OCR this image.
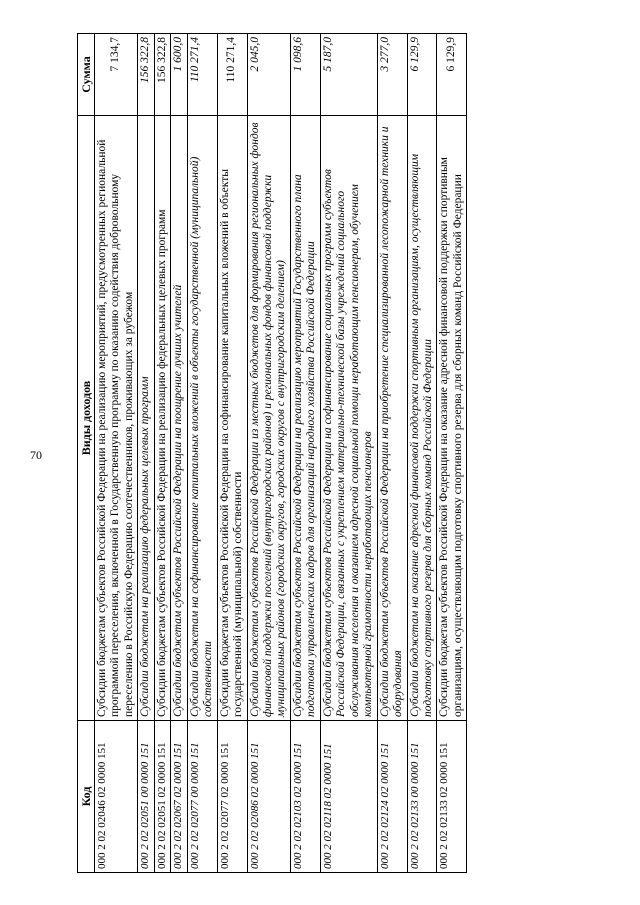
70
Код	Виды доходов	Сумма
000 2 02 02046 02 0000 151	Субсидии бюджетам субъектов Российской Федерации на реализацию мероприятий, предусмотренных региональной программой переселения, включенной в Государственную программу по оказанию содействия добровольному переселению в Российскую Федерацию соотечественников, проживающих за рубежом	7 134,7
000 2 02 02051 00 0000 151	Субсидии бюджетам на реализацию федеральных целевых программ	156 322,8
000 2 02 02051 02 0000 151	Субсидии бюджетам субъектов Российской Федерации на реализацию федеральных целевых программ	156 322,8
000 2 02 02067 02 0000 151	Субсидии бюджетам субъектов Российской Федерации на поощрение лучших учителей	1 600,0
000 2 02 02077 00 0000 151	Субсидии бюджетам на софинансирование капитальных вложений в объекты государственной (муниципальной) собственности	110 271,4
000 2 02 02077 02 0000 151	Субсидии бюджетам субъектов Российской Федерации на софинансирование капитальных вложений в объекты государственной (муниципальной) собственности	110 271,4
000 2 02 02086 02 0000 151	Субсидии бюджетам субъектов Российской Федерации из местных бюджетов для формирования региональных фондов финансовой поддержки поселений (внутригородских районов) и региональных фондов финансовой поддержки муниципальных районов (городских округов, городских округов с внутригородским делением)	2 045,0
000 2 02 02103 02 0000 151	Субсидии бюджетам субъектов Российской Федерации на реализацию мероприятий Государственного плана подготовки управленческих кадров для организаций народного хозяйства Российской Федерации	1 098,6
000 2 02 02118 02 0000 151	Субсидии бюджетам субъектов Российской Федерации на софинансирование социальных программ субъектов Российской Федерации, связанных с укреплением материально-технической базы учреждений социального обслуживания населения и оказанием адресной социальной помощи неработающим пенсионерам, обучением компьютерной грамотности неработающих пенсионеров	5 187,0
000 2 02 02124 02 0000 151	Субсидии бюджетам субъектов Российской Федерации на приобретение специализированной лесопожарной техники и оборудования	3 277,0
000 2 02 02133 00 0000 151	Субсидии бюджетам на оказание адресной финансовой поддержки спортивным организациям, осуществляющим подготовку спортивного резерва для сборных команд Российской Федерации	6 129,9
000 2 02 02133 02 0000 151	Субсидии бюджетам субъектов Российской Федерации на оказание адресной финансовой поддержки спортивным организациям, осуществляющим подготовку спортивного резерва для сборных команд Российской Федерации	6 129,9
